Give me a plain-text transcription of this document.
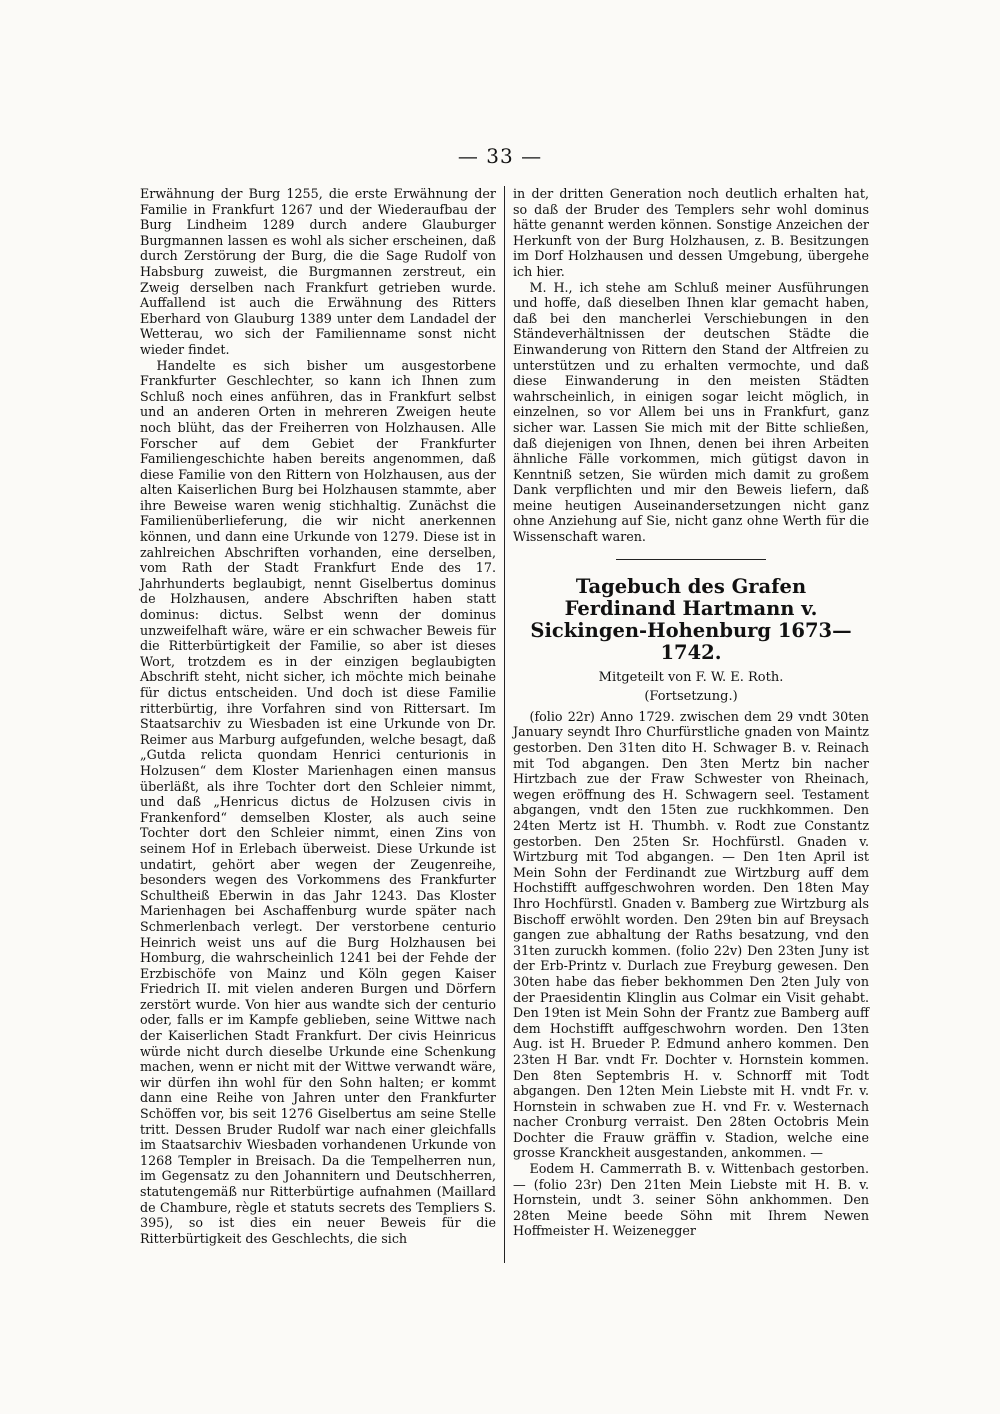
— 33 —

Erwähnung der Burg 1255, die erste Erwähnung der Familie in Frankfurt 1267 und der Wiederaufbau der Burg Lindheim 1289 durch andere Glauburger Burgmannen lassen es wohl als sicher erscheinen, daß durch Zerstörung der Burg, die die Sage Rudolf von Habsburg zuweist, die Burgmannen zerstreut, ein Zweig derselben nach Frankfurt getrieben wurde. Auffallend ist auch die Erwähnung des Ritters Eberhard von Glauburg 1389 unter dem Landadel der Wetterau, wo sich der Familienname sonst nicht wieder findet.

Handelte es sich bisher um ausgestorbene Frankfurter Geschlechter, so kann ich Ihnen zum Schluß noch eines anführen, das in Frankfurt selbst und an anderen Orten in mehreren Zweigen heute noch blüht, das der Freiherren von Holzhausen. Alle Forscher auf dem Gebiet der Frankfurter Familiengeschichte haben bereits angenommen, daß diese Familie von den Rittern von Holzhausen, aus der alten Kaiserlichen Burg bei Holzhausen stammte, aber ihre Beweise waren wenig stichhaltig. Zunächst die Familienüberlieferung, die wir nicht anerkennen können, und dann eine Urkunde von 1279. Diese ist in zahlreichen Abschriften vorhanden, eine derselben, vom Rath der Stadt Frankfurt Ende des 17. Jahrhunderts beglaubigt, nennt Giselbertus dominus de Holzhausen, andere Abschriften haben statt dominus: dictus. Selbst wenn der dominus unzweifelhaft wäre, wäre er ein schwacher Beweis für die Ritterbürtigkeit der Familie, so aber ist dieses Wort, trotzdem es in der einzigen beglaubigten Abschrift steht, nicht sicher, ich möchte mich beinahe für dictus entscheiden. Und doch ist diese Familie ritterbürtig, ihre Vorfahren sind von Rittersart. Im Staatsarchiv zu Wiesbaden ist eine Urkunde von Dr. Reimer aus Marburg aufgefunden, welche besagt, daß „Gutda relicta quondam Henrici centurionis in Holzusen“ dem Kloster Marienhagen einen mansus überläßt, als ihre Tochter dort den Schleier nimmt, und daß „Henricus dictus de Holzusen civis in Frankenford“ demselben Kloster, als auch seine Tochter dort den Schleier nimmt, einen Zins von seinem Hof in Erlebach überweist. Diese Urkunde ist undatirt, gehört aber wegen der Zeugenreihe, besonders wegen des Vorkommens des Frankfurter Schultheiß Eberwin in das Jahr 1243. Das Kloster Marienhagen bei Aschaffenburg wurde später nach Schmerlenbach verlegt. Der verstorbene centurio Heinrich weist uns auf die Burg Holzhausen bei Homburg, die wahrscheinlich 1241 bei der Fehde der Erzbischöfe von Mainz und Köln gegen Kaiser Friedrich II. mit vielen anderen Burgen und Dörfern zerstört wurde. Von hier aus wandte sich der centurio oder, falls er im Kampfe geblieben, seine Wittwe nach der Kaiserlichen Stadt Frankfurt. Der civis Heinricus würde nicht durch dieselbe Urkunde eine Schenkung machen, wenn er nicht mit der Wittwe verwandt wäre, wir dürfen ihn wohl für den Sohn halten; er kommt dann eine Reihe von Jahren unter den Frankfurter Schöffen vor, bis seit 1276 Giselbertus am seine Stelle tritt. Dessen Bruder Rudolf war nach einer gleichfalls im Staatsarchiv Wiesbaden vorhandenen Urkunde von 1268 Templer in Breisach. Da die Tempelherren nun, im Gegensatz zu den Johannitern und Deutschherren, statutengemäß nur Ritterbürtige aufnahmen (Maillard de Chambure, règle et statuts secrets des Templiers S. 395), so ist dies ein neuer Beweis für die Ritterbürtigkeit des Geschlechts, die sich

in der dritten Generation noch deutlich erhalten hat, so daß der Bruder des Templers sehr wohl dominus hätte genannt werden können. Sonstige Anzeichen der Herkunft von der Burg Holzhausen, z. B. Besitzungen im Dorf Holzhausen und dessen Umgebung, übergehe ich hier.

M. H., ich stehe am Schluß meiner Ausführungen und hoffe, daß dieselben Ihnen klar gemacht haben, daß bei den mancherlei Verschiebungen in den Ständeverhältnissen der deutschen Städte die Einwanderung von Rittern den Stand der Altfreien zu unterstützen und zu erhalten vermochte, und daß diese Einwanderung in den meisten Städten wahrscheinlich, in einigen sogar leicht möglich, in einzelnen, so vor Allem bei uns in Frankfurt, ganz sicher war. Lassen Sie mich mit der Bitte schließen, daß diejenigen von Ihnen, denen bei ihren Arbeiten ähnliche Fälle vorkommen, mich gütigst davon in Kenntniß setzen, Sie würden mich damit zu großem Dank verpflichten und mir den Beweis liefern, daß meine heutigen Auseinandersetzungen nicht ganz ohne Anziehung auf Sie, nicht ganz ohne Werth für die Wissenschaft waren.

Tagebuch des Grafen Ferdinand Hartmann v. Sickingen-Hohenburg 1673—1742.
Mitgeteilt von F. W. E. Roth.
(Fortsetzung.)

(folio 22r) Anno 1729. zwischen dem 29 vndt 30ten January seyndt Ihro Churfürstliche gnaden von Maintz gestorben. Den 31ten dito H. Schwager B. v. Reinach mit Tod abgangen. Den 3ten Mertz bin nacher Hirtzbach zue der Fraw Schwester von Rheinach, wegen eröffnung des H. Schwagern seel. Testament abgangen, vndt den 15ten zue ruckhkommen. Den 24ten Mertz ist H. Thumbh. v. Rodt zue Constantz gestorben. Den 25ten Sr. Hochfürstl. Gnaden v. Wirtzburg mit Tod abgangen. — Den 1ten April ist Mein Sohn der Ferdinandt zue Wirtzburg auff dem Hochstifft auffgeschwohren worden. Den 18ten May Ihro Hochfürstl. Gnaden v. Bamberg zue Wirtzburg als Bischoff erwöhlt worden. Den 29ten bin auf Breysach gangen zue abhaltung der Raths besatzung, vnd den 31ten zuruckh kommen. (folio 22v) Den 23ten Juny ist der Erb-Printz v. Durlach zue Freyburg gewesen. Den 30ten habe das fieber bekhommen Den 2ten July von der Praesidentin Klinglin aus Colmar ein Visit gehabt. Den 19ten ist Mein Sohn der Frantz zue Bamberg auff dem Hochstifft auffgeschwohrn worden. Den 13ten Aug. ist H. Brueder P. Edmund anhero kommen. Den 23ten H Bar. vndt Fr. Dochter v. Hornstein kommen. Den 8ten Septembris H. v. Schnorff mit Todt abgangen. Den 12ten Mein Liebste mit H. vndt Fr. v. Hornstein in schwaben zue H. vnd Fr. v. Westernach nacher Cronburg verraist. Den 28ten Octobris Mein Dochter die Frauw gräffin v. Stadion, welche eine grosse Kranckheit ausgestanden, ankommen. —

Eodem H. Cammerrath B. v. Wittenbach gestorben. — (folio 23r) Den 21ten Mein Liebste mit H. B. v. Hornstein, undt 3. seiner Söhn ankhommen. Den 28ten Meine beede Söhn mit Ihrem Newen Hoffmeister H. Weizenegger
